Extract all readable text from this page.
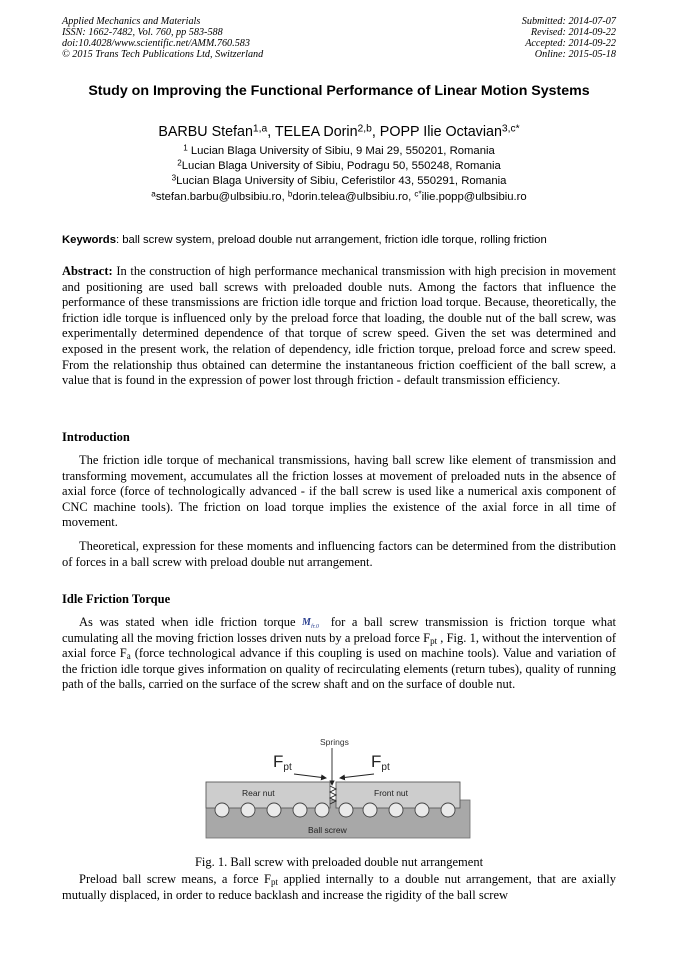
Applied Mechanics and Materials
ISSN: 1662-7482, Vol. 760, pp 583-588
doi:10.4028/www.scientific.net/AMM.760.583
© 2015 Trans Tech Publications Ltd, Switzerland
Submitted: 2014-07-07
Revised: 2014-09-22
Accepted: 2014-09-22
Online: 2015-05-18
Study on Improving the Functional Performance of Linear Motion Systems
BARBU Stefan$^{1,a}$, TELEA Dorin$^{2,b}$, POPP Ilie Octavian$^{3,c*}$
$^1$ Lucian Blaga University of Sibiu, 9 Mai 29, 550201, Romania
$^2$Lucian Blaga University of Sibiu, Podragu 50, 550248, Romania
$^3$Lucian Blaga University of Sibiu, Ceferistilor 43, 550291, Romania
$^a$stefan.barbu@ulbsibiu.ro, $^b$dorin.telea@ulbsibiu.ro, $^{c*}$ilie.popp@ulbsibiu.ro
Keywords: ball screw system, preload double nut arrangement, friction idle torque, rolling friction
Abstract: In the construction of high performance mechanical transmission with high precision in movement and positioning are used ball screws with preloaded double nuts. Among the factors that influence the performance of these transmissions are friction idle torque and friction load torque. Because, theoretically, the friction idle torque is influenced only by the preload force that loading, the double nut of the ball screw, was experimentally determined dependence of that torque of screw speed. Given the set was determined and exposed in the present work, the relation of dependency, idle friction torque, preload force and screw speed. From the relationship thus obtained can determine the instantaneous friction coefficient of the ball screw, a value that is found in the expression of power lost through friction - default transmission efficiency.
Introduction
The friction idle torque of mechanical transmissions, having ball screw like element of transmission and transforming movement, accumulates all the friction losses at movement of preloaded nuts in the absence of axial force (force of technologically advanced - if the ball screw is used like a numerical axis component of CNC machine tools). The friction on load torque implies the existence of the axial force in all time of movement.
Theoretical, expression for these moments and influencing factors can be determined from the distribution of forces in a ball screw with preload double nut arrangement.
Idle Friction Torque
As was stated when idle friction torque M fr.0 for a ball screw transmission is friction torque what cumulating all the moving friction losses driven nuts by a preload force $F_{pt}$ , Fig. 1, without the intervention of axial force $F_a$ (force technological advance if this coupling is used on machine tools). Value and variation of the friction idle torque gives information on quality of recirculating elements (return tubes), quality of running path of the balls, carried on the surface of the screw shaft and on the surface of double nut.
Springs
Fpt	Fpt
Rear nut	Front nut
Ball screw
Fig. 1. Ball screw with preloaded double nut arrangement
Preload ball screw means, a force $F_{pt}$ applied internally to a double nut arrangement, that are axially mutually displaced, in order to reduce backlash and increase the rigidity of the ball screw
